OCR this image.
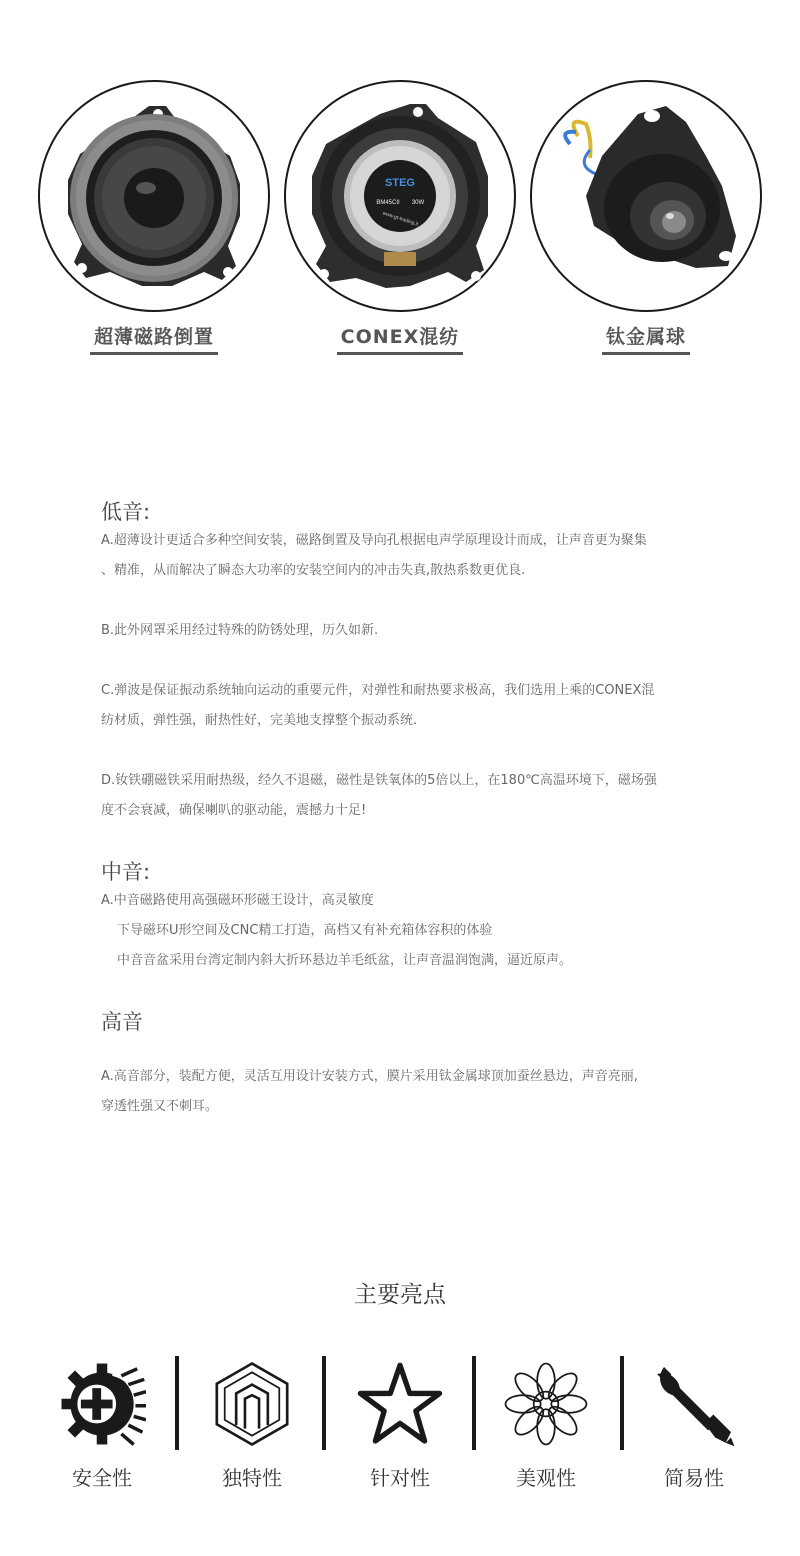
超薄磁路倒置
STEG
BM45CII 30W
www.gt-trading.it
CONEX混纺	钛金属球
低音:

A.超薄设计更适合多种空间安装，磁路倒置及导向孔根据电声学原理设计而成，让声音更为聚集

、精准，从而解决了瞬态大功率的安装空间内的冲击失真,散热系数更优良.

B.此外网罩采用经过特殊的防锈处理，历久如新.

C.弹波是保证振动系统轴向运动的重要元件，对弹性和耐热要求极高，我们选用上乘的CONEX混

纺材质，弹性强，耐热性好，完美地支撑整个振动系统.

D.钕铁硼磁铁采用耐热级，经久不退磁，磁性是铁氧体的5倍以上，在180℃高温环境下，磁场强

度不会衰减，确保喇叭的驱动能，震撼力十足!

中音:

A.中音磁路使用高强磁环形磁王设计，高灵敏度

下导磁环U形空间及CNC精工打造，高档又有补充箱体容积的体验

中音音盆采用台湾定制内斜大折环悬边羊毛纸盆，让声音温润饱满，逼近原声。

高音

A.高音部分，装配方便，灵活互用设计安装方式，膜片采用钛金属球顶加蚕丝悬边，声音亮丽,

穿透性强又不刺耳。

主要亮点
安全性	独特性	针对性	美观性	简易性
